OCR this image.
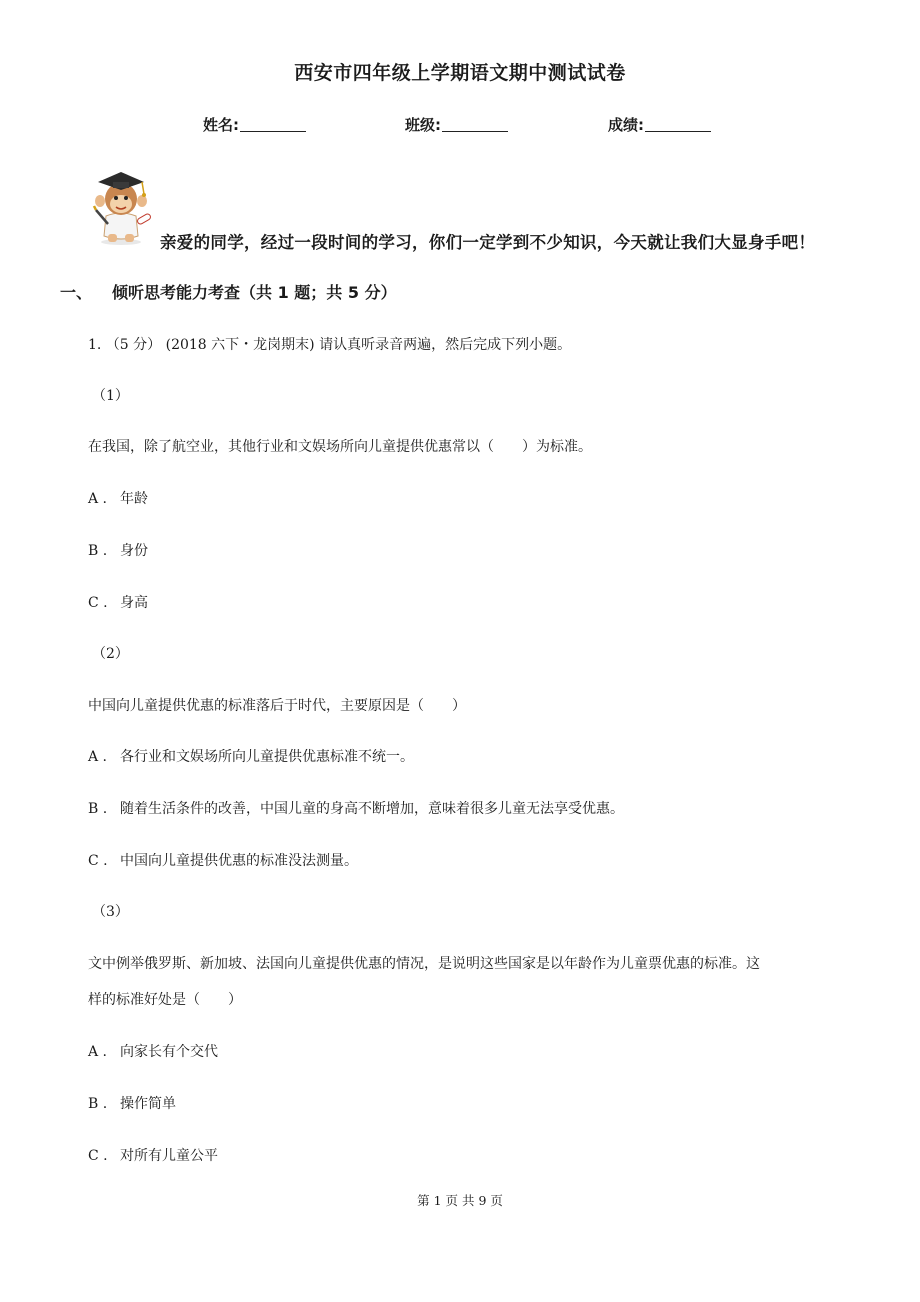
西安市四年级上学期语文期中测试试卷
姓名:	班级:	成绩:
亲爱的同学，经过一段时间的学习，你们一定学到不少知识，今天就让我们大显身手吧！
一、 倾听思考能力考查（共 1 题；共 5 分）
1. （5 分） (2018 六下・龙岗期末) 请认真听录音两遍，然后完成下列小题。
（1）
在我国，除了航空业，其他行业和文娱场所向儿童提供优惠常以（　　）为标准。
A . 年龄
B . 身份
C . 身高
（2）
中国向儿童提供优惠的标准落后于时代，主要原因是（　　）
A . 各行业和文娱场所向儿童提供优惠标准不统一。
B . 随着生活条件的改善，中国儿童的身高不断增加，意味着很多儿童无法享受优惠。
C . 中国向儿童提供优惠的标准没法测量。
（3）
文中例举俄罗斯、新加坡、法国向儿童提供优惠的情况，是说明这些国家是以年龄作为儿童票优惠的标准。这
样的标准好处是（　　）
A . 向家长有个交代
B . 操作简单
C . 对所有儿童公平
第 1 页 共 9 页
